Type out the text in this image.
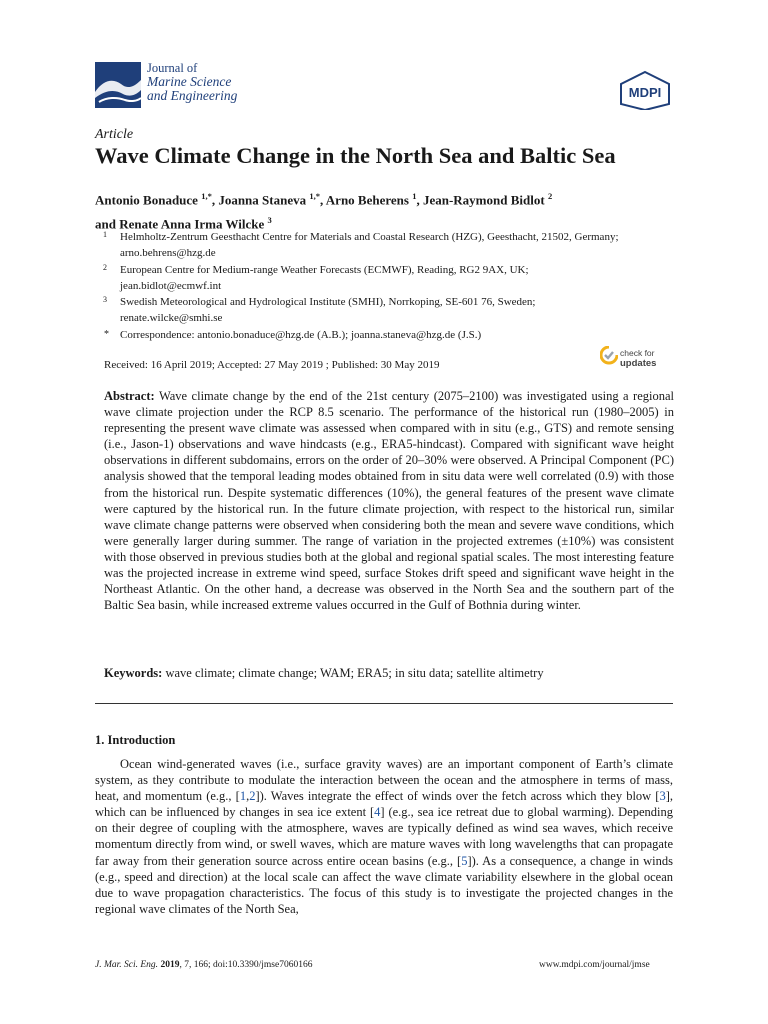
Journal of
Marine Science
and Engineering	MDPI
Article
Wave Climate Change in the North Sea and Baltic Sea
Antonio Bonaduce $^{1,*}$, Joanna Staneva $^{1,*}$, Arno Beherens $^1$, Jean-Raymond Bidlot $^2$
and Renate Anna Irma Wilcke $^3$
1 Helmholtz-Zentrum Geesthacht Centre for Materials and Coastal Research (HZG), Geesthacht, 21502, Germany;
arno.behrens@hzg.de
2 European Centre for Medium-range Weather Forecasts (ECMWF), Reading, RG2 9AX, UK;
jean.bidlot@ecmwf.int
3 Swedish Meteorological and Hydrological Institute (SMHI), Norrkoping, SE-601 76, Sweden;
renate.wilcke@smhi.se
* Correspondence: antonio.bonaduce@hzg.de (A.B.); joanna.staneva@hzg.de (J.S.)
Received: 16 April 2019; Accepted: 27 May 2019 ; Published: 30 May 2019
check for
updates
Abstract: Wave climate change by the end of the 21st century (2075–2100) was investigated using a regional wave climate projection under the RCP 8.5 scenario. The performance of the historical run (1980–2005) in representing the present wave climate was assessed when compared with in situ (e.g., GTS) and remote sensing (i.e., Jason-1) observations and wave hindcasts (e.g., ERA5-hindcast). Compared with significant wave height observations in different subdomains, errors on the order of 20–30% were observed. A Principal Component (PC) analysis showed that the temporal leading modes obtained from in situ data were well correlated (0.9) with those from the historical run. Despite systematic differences (10%), the general features of the present wave climate were captured by the historical run. In the future climate projection, with respect to the historical run, similar wave climate change patterns were observed when considering both the mean and severe wave conditions, which were generally larger during summer. The range of variation in the projected extremes (±10%) was consistent with those observed in previous studies both at the global and regional spatial scales. The most interesting feature was the projected increase in extreme wind speed, surface Stokes drift speed and significant wave height in the Northeast Atlantic. On the other hand, a decrease was observed in the North Sea and the southern part of the Baltic Sea basin, while increased extreme values occurred in the Gulf of Bothnia during winter.
Keywords: wave climate; climate change; WAM; ERA5; in situ data; satellite altimetry
1. Introduction
Ocean wind-generated waves (i.e., surface gravity waves) are an important component of Earth’s climate system, as they contribute to modulate the interaction between the ocean and the atmosphere in terms of mass, heat, and momentum (e.g., [1,2]). Waves integrate the effect of winds over the fetch across which they blow [3], which can be influenced by changes in sea ice extent [4] (e.g., sea ice retreat due to global warming). Depending on their degree of coupling with the atmosphere, waves are typically defined as wind sea waves, which receive momentum directly from wind, or swell waves, which are mature waves with long wavelengths that can propagate far away from their generation source across entire ocean basins (e.g., [5]). As a consequence, a change in winds (e.g., speed and direction) at the local scale can affect the wave climate variability elsewhere in the global ocean due to wave propagation characteristics. The focus of this study is to investigate the projected changes in the regional wave climates of the North Sea,
J. Mar. Sci. Eng. 2019, 7, 166; doi:10.3390/jmse7060166	www.mdpi.com/journal/jmse
